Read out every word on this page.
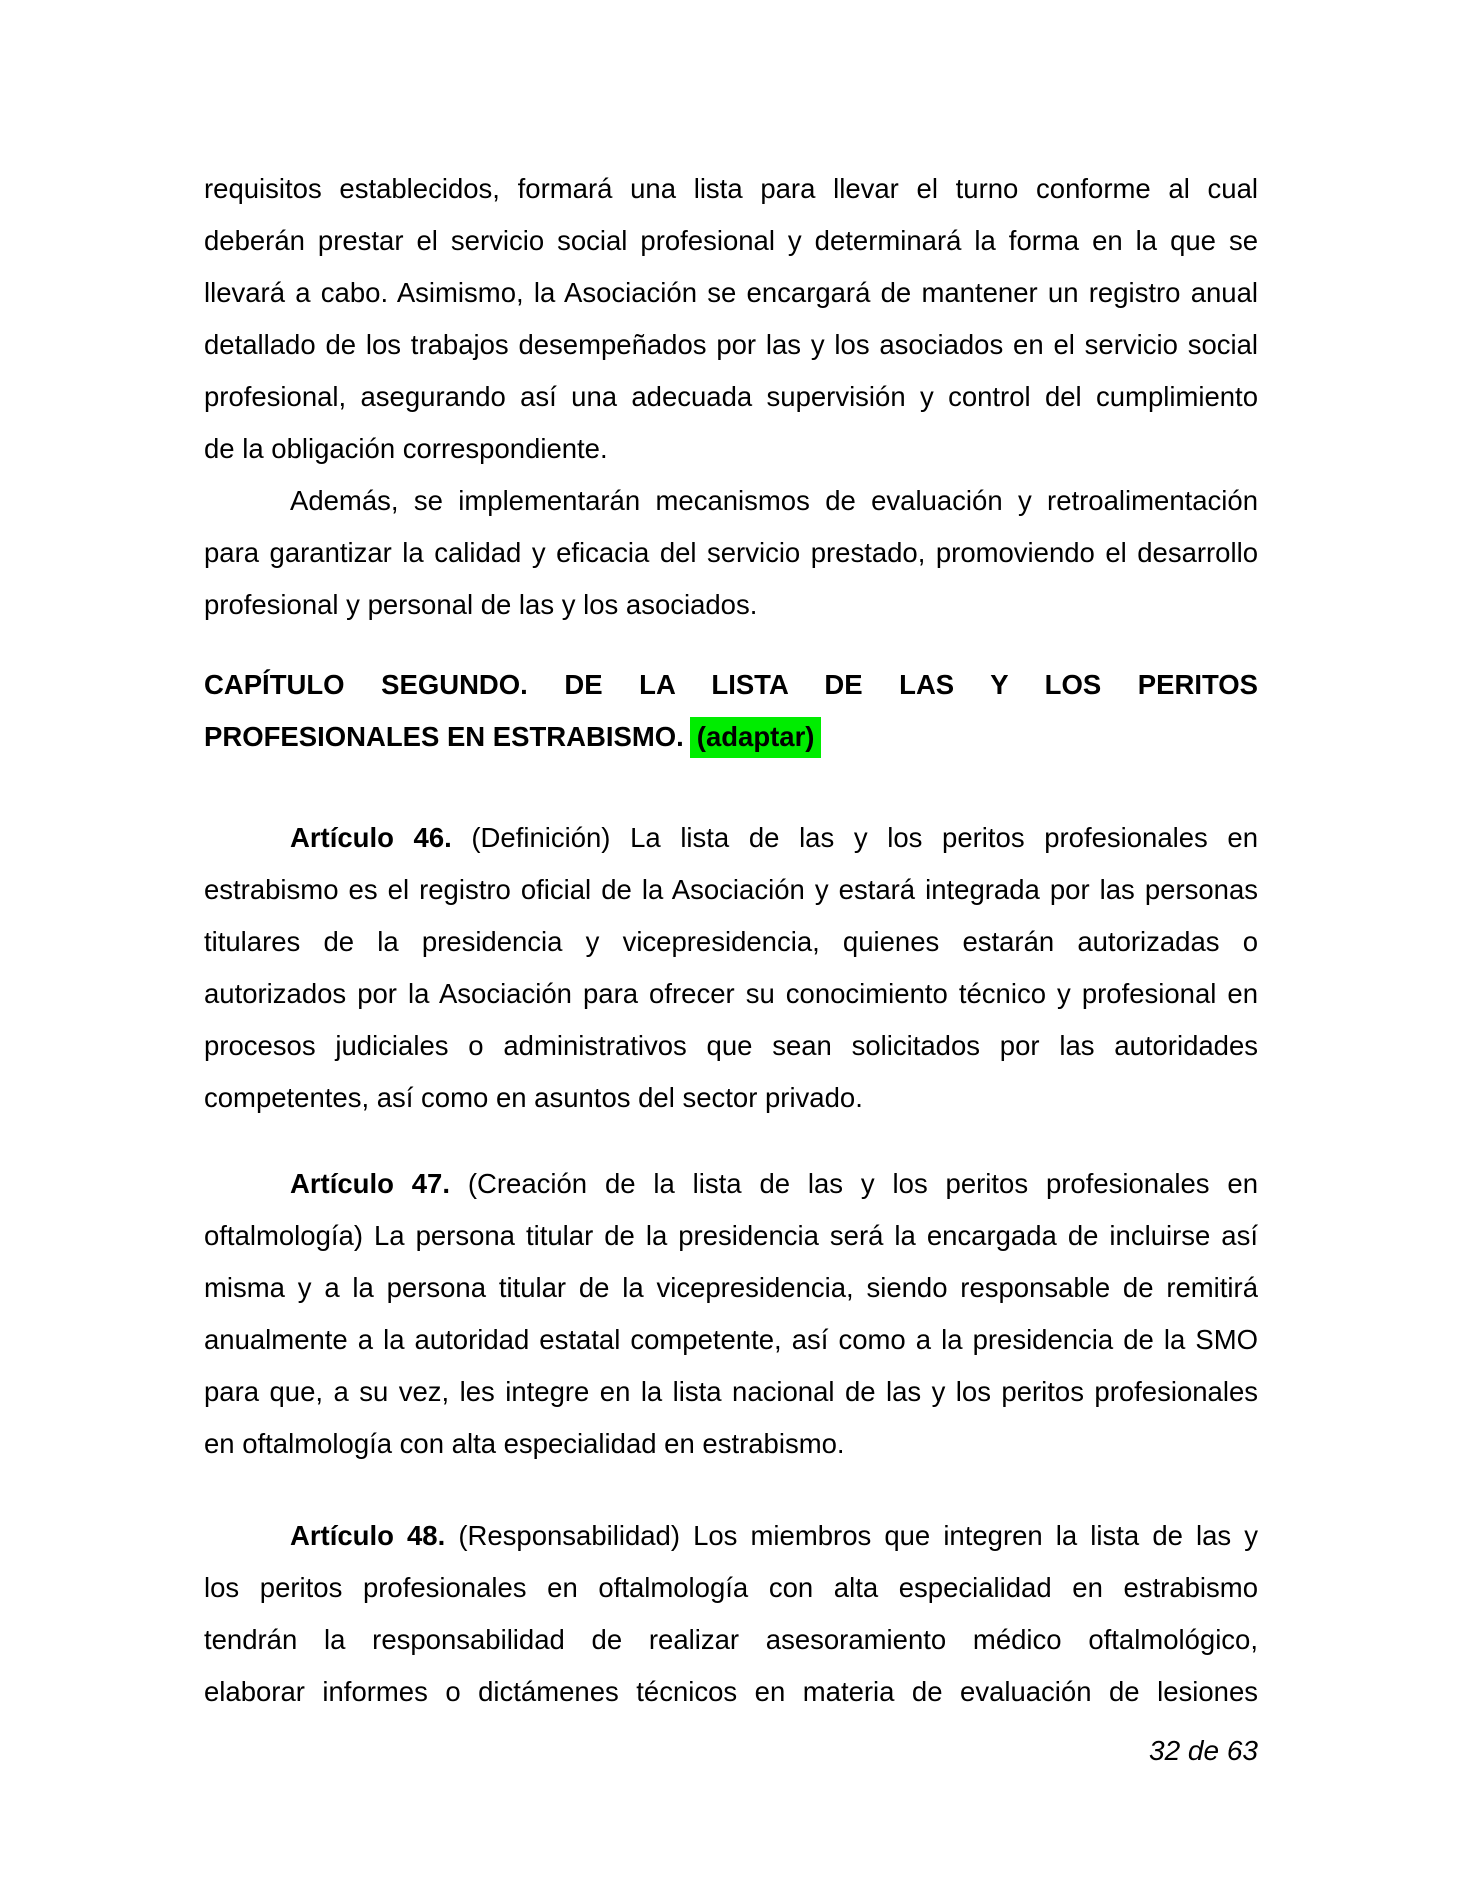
requisitos establecidos, formará una lista para llevar el turno conforme al cual
deberán prestar el servicio social profesional y determinará la forma en la que se
llevará a cabo. Asimismo, la Asociación se encargará de mantener un registro anual
detallado de los trabajos desempeñados por las y los asociados en el servicio social
profesional, asegurando así una adecuada supervisión y control del cumplimiento
de la obligación correspondiente.
Además, se implementarán mecanismos de evaluación y retroalimentación
para garantizar la calidad y eficacia del servicio prestado, promoviendo el desarrollo
profesional y personal de las y los asociados.
CAPÍTULO SEGUNDO. DE LA LISTA DE LAS Y LOS PERITOS
PROFESIONALES EN ESTRABISMO. (adaptar)
Artículo 46. (Definición) La lista de las y los peritos profesionales en
estrabismo es el registro oficial de la Asociación y estará integrada por las personas
titulares de la presidencia y vicepresidencia, quienes estarán autorizadas o
autorizados por la Asociación para ofrecer su conocimiento técnico y profesional en
procesos judiciales o administrativos que sean solicitados por las autoridades
competentes, así como en asuntos del sector privado.
Artículo 47. (Creación de la lista de las y los peritos profesionales en
oftalmología) La persona titular de la presidencia será la encargada de incluirse así
misma y a la persona titular de la vicepresidencia, siendo responsable de remitirá
anualmente a la autoridad estatal competente, así como a la presidencia de la SMO
para que, a su vez, les integre en la lista nacional de las y los peritos profesionales
en oftalmología con alta especialidad en estrabismo.
Artículo 48. (Responsabilidad) Los miembros que integren la lista de las y
los peritos profesionales en oftalmología con alta especialidad en estrabismo
tendrán la responsabilidad de realizar asesoramiento médico oftalmológico,
elaborar informes o dictámenes técnicos en materia de evaluación de lesiones
32 de 63
